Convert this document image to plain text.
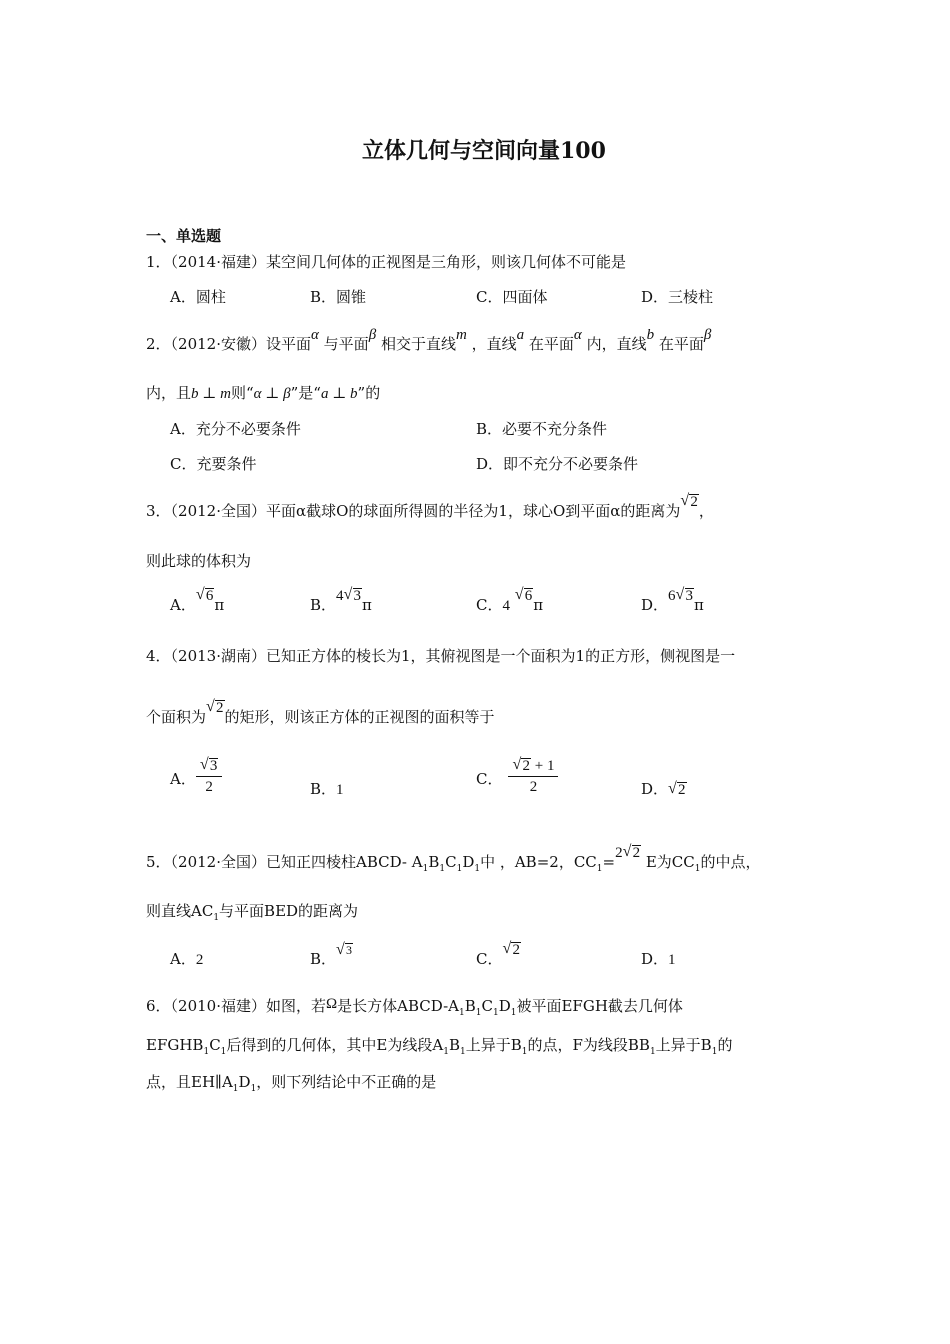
立体几何与空间向量100
一、单选题
1．（2014·福建）某空间几何体的正视图是三角形，则该几何体不可能是
A．圆柱	B．圆锥	C．四面体	D．三棱柱
2．（2012·安徽）设平面α 与平面β 相交于直线m ，直线a 在平面α 内，直线b 在平面β
内，且b ⊥ m则“α ⊥ β”是“a ⊥ b”的
A．充分不必要条件	B．必要不充分条件
C．充要条件	D．即不充分不必要条件
3．（2012·全国）平面α截球O的球面所得圆的半径为1，球心O到平面α的距离为√ 2，
则此球的体积为
A．√ 6π	B．4√ 3π	C．4 √ 6π	D．6√ 3π
4．（2013·湖南）已知正方体的棱长为1，其俯视图是一个面积为1的正方形，侧视图是一
个面积为√ 2的矩形，则该正方体的正视图的面积等于
A．
√ $\frac{3}{2}$	B．1
C．
√ $\frac{2 + 1}{2}$	D．√ 2
5．（2012·全国）已知正四棱柱ABCD- $A_1B_1C_1D_1$中 ，AB=2，$CC_1=2√$ 2 E为$CC_1$的中点，
则直线$AC_1$与平面BED的距离为
A．2	B．√ 3	C．√ 2	D．1
6．（2010·福建）如图，若Ω是长方体ABCD-$A_1B_1C_1D_1$被平面EFGH截去几何体
$EFGHB_1C_1$后得到的几何体，其中E为线段$A_1B_1$上异于$B_1$的点，F为线段$BB_1$上异于$B_1$的
点，且$EH\parallel A_1D_1$，则下列结论中不正确的是
